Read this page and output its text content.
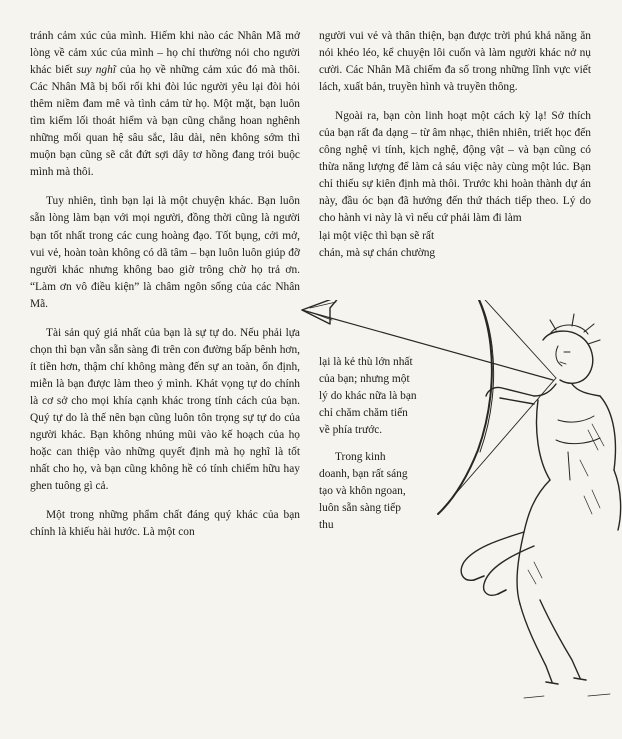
tránh cảm xúc của mình. Hiếm khi nào các Nhân Mã mở lòng về cảm xúc của mình – họ chỉ thường nói cho người khác biết suy nghĩ của họ về những cảm xúc đó mà thôi. Các Nhân Mã bị bối rối khi đòi lúc người yêu lại đòi hỏi thêm niềm đam mê và tình cảm từ họ. Một mặt, bạn luôn tìm kiếm lối thoát hiểm và bạn cũng chẳng hoan nghênh những mối quan hệ sâu sắc, lâu dài, nên không sớm thì muộn bạn cũng sẽ cắt đứt sợi dây tơ hồng đang trói buộc mình mà thôi.

Tuy nhiên, tình bạn lại là một chuyện khác. Bạn luôn sẵn lòng làm bạn với mọi người, đồng thời cũng là người bạn tốt nhất trong các cung hoàng đạo. Tốt bụng, cởi mở, vui vẻ, hoàn toàn không có dã tâm – bạn luôn luôn giúp đỡ người khác nhưng không bao giờ trông chờ họ trả ơn. “Làm ơn vô điều kiện” là châm ngôn sống của các Nhân Mã.

Tài sản quý giá nhất của bạn là sự tự do. Nếu phải lựa chọn thì bạn vẫn sẵn sàng đi trên con đường bấp bênh hơn, ít tiền hơn, thậm chí không màng đến sự an toàn, ổn định, miễn là bạn được làm theo ý mình. Khát vọng tự do chính là cơ sở cho mọi khía cạnh khác trong tính cách của bạn. Quý tự do là thế nên bạn cũng luôn tôn trọng sự tự do của người khác. Bạn không nhúng mũi vào kế hoạch của họ hoặc can thiệp vào những quyết định mà họ nghĩ là tốt nhất cho họ, và bạn cũng không hề có tính chiếm hữu hay ghen tuông gì cả.

Một trong những phẩm chất đáng quý khác của bạn chính là khiếu hài hước. Là một con

người vui vẻ và thân thiện, bạn được trời phú khả năng ăn nói khéo léo, kể chuyện lôi cuốn và làm người khác nở nụ cười. Các Nhân Mã chiếm đa số trong những lĩnh vực viết lách, xuất bản, truyền hình và truyền thông.

Ngoài ra, bạn còn linh hoạt một cách kỳ lạ! Sở thích của bạn rất đa dạng – từ âm nhạc, thiên nhiên, triết học đến công nghệ vi tính, kịch nghệ, động vật – và bạn cũng có thừa năng lượng để làm cả sáu việc này cùng một lúc. Bạn chỉ thiếu sự kiên định mà thôi. Trước khi hoàn thành dự án này, đầu óc bạn đã hướng đến thứ thách tiếp theo. Lý do cho hành vi này là vì nếu cứ phải làm đi làm

lại một việc thì bạn sẽ rất chán, mà sự chán chường

lại là kẻ thù lớn nhất của bạn; nhưng một lý do khác nữa là bạn chỉ chăm chăm tiến về phía trước.

Trong kinh doanh, bạn rất sáng tạo và khôn ngoan, luôn sẵn sàng tiếp thu
